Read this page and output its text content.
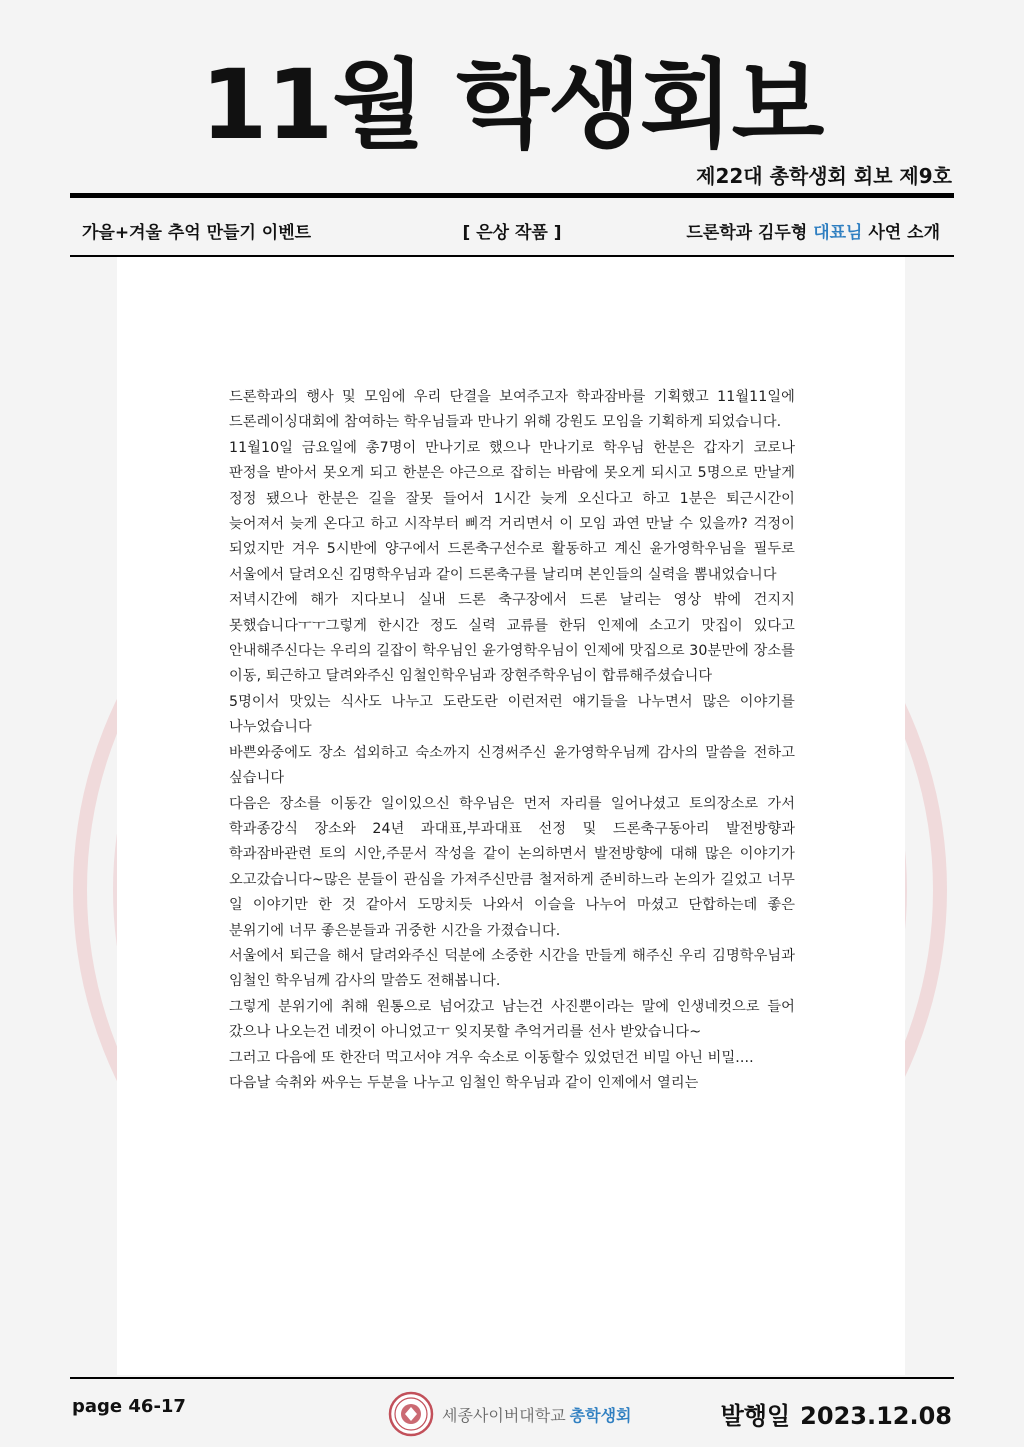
11월 학생회보
제22대 총학생회 회보 제9호
가을+겨울 추억 만들기 이벤트	[ 은상 작품 ]	드론학과 김두형 대표님 사연 소개

드론학과의 행사 및 모임에 우리 단결을 보여주고자 학과잠바를 기획했고 11월11일에 드론레이싱대회에 참여하는 학우님들과 만나기 위해 강원도 모임을 기획하게 되었습니다.

11월10일 금요일에 총7명이 만나기로 했으나 만나기로 학우님 한분은 갑자기 코로나 판정을 받아서 못오게 되고 한분은 야근으로 잡히는 바람에 못오게 되시고 5명으로 만날게 정정 됐으나 한분은 길을 잘못 들어서 1시간 늦게 오신다고 하고 1분은 퇴근시간이 늦어져서 늦게 온다고 하고 시작부터 삐걱 거리면서 이 모임 과연 만날 수 있을까? 걱정이 되었지만 겨우 5시반에 양구에서 드론축구선수로 활동하고 계신 윤가영학우님을 필두로 서울에서 달려오신 김명학우님과 같이 드론축구를 날리며 본인들의 실력을 뽐내었습니다

저녁시간에 해가 지다보니 실내 드론 축구장에서 드론 날리는 영상 밖에 건지지 못했습니다ㅜㅜ그렇게 한시간 정도 실력 교류를 한뒤 인제에 소고기 맛집이 있다고 안내해주신다는 우리의 길잡이 학우님인 윤가영학우님이 인제에 맛집으로 30분만에 장소를 이동, 퇴근하고 달려와주신 임철인학우님과 장현주학우님이 합류해주셨습니다

5명이서 맛있는 식사도 나누고 도란도란 이런저런 얘기들을 나누면서 많은 이야기를 나누었습니다

바쁜와중에도 장소 섭외하고 숙소까지 신경써주신 윤가영학우님께 감사의 말씀을 전하고 싶습니다

다음은 장소를 이동간 일이있으신 학우님은 먼저 자리를 일어나셨고 토의장소로 가서 학과종강식 장소와 24년 과대표,부과대표 선정 및 드론축구동아리 발전방향과 학과잠바관련 토의 시안,주문서 작성을 같이 논의하면서 발전방향에 대해 많은 이야기가 오고갔습니다~많은 분들이 관심을 가져주신만큼 철저하게 준비하느라 논의가 길었고 너무 일 이야기만 한 것 같아서 도망치듯 나와서 이슬을 나누어 마셨고 단합하는데 좋은 분위기에 너무 좋은분들과 귀중한 시간을 가졌습니다.

서울에서 퇴근을 해서 달려와주신 덕분에 소중한 시간을 만들게 해주신 우리 김명학우님과 임철인 학우님께 감사의 말씀도 전해봅니다.

그렇게 분위기에 취해 원통으로 넘어갔고 남는건 사진뿐이라는 말에 인생네컷으로 들어 갔으나 나오는건 네컷이 아니었고ㅜ 잊지못할 추억거리를 선사 받았습니다~

그러고 다음에 또 한잔더 먹고서야 겨우 숙소로 이동할수 있었던건 비밀 아닌 비밀....

다음날 숙취와 싸우는 두분을 나누고 임철인 학우님과 같이 인제에서 열리는

page 46-17	세종사이버대학교 총학생회	발행일 2023.12.08
